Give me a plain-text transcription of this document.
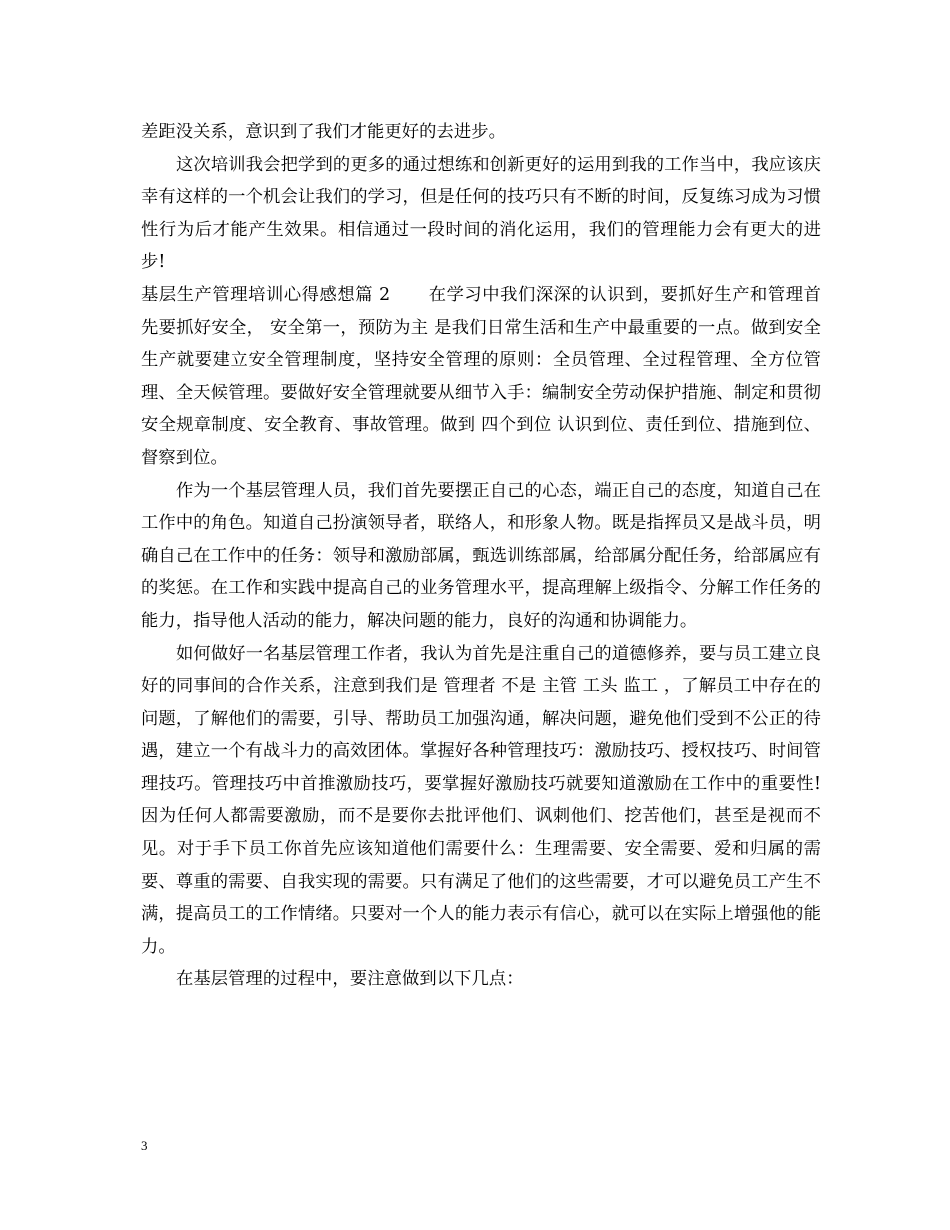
差距没关系，意识到了我们才能更好的去进步。

这次培训我会把学到的更多的通过想练和创新更好的运用到我的工作当中，我应该庆幸有这样的一个机会让我们的学习，但是任何的技巧只有不断的时间，反复练习成为习惯性行为后才能产生效果。相信通过一段时间的消化运用，我们的管理能力会有更大的进步!

基层生产管理培训心得感想篇 2 在学习中我们深深的认识到，要抓好生产和管理首先要抓好安全， 安全第一，预防为主 是我们日常生活和生产中最重要的一点。做到安全生产就要建立安全管理制度，坚持安全管理的原则：全员管理、全过程管理、全方位管理、全天候管理。要做好安全管理就要从细节入手：编制安全劳动保护措施、制定和贯彻安全规章制度、安全教育、事故管理。做到 四个到位 认识到位、责任到位、措施到位、督察到位。

作为一个基层管理人员，我们首先要摆正自己的心态，端正自己的态度，知道自己在工作中的角色。知道自己扮演领导者，联络人，和形象人物。既是指挥员又是战斗员，明确自己在工作中的任务：领导和激励部属，甄选训练部属，给部属分配任务，给部属应有的奖惩。在工作和实践中提高自己的业务管理水平，提高理解上级指令、分解工作任务的能力，指导他人活动的能力，解决问题的能力，良好的沟通和协调能力。

如何做好一名基层管理工作者，我认为首先是注重自己的道德修养，要与员工建立良好的同事间的合作关系，注意到我们是 管理者 不是 主管 工头 监工 ，了解员工中存在的问题，了解他们的需要，引导、帮助员工加强沟通，解决问题，避免他们受到不公正的待遇，建立一个有战斗力的高效团体。掌握好各种管理技巧：激励技巧、授权技巧、时间管理技巧。管理技巧中首推激励技巧，要掌握好激励技巧就要知道激励在工作中的重要性!因为任何人都需要激励，而不是要你去批评他们、讽刺他们、挖苦他们，甚至是视而不见。对于手下员工你首先应该知道他们需要什么：生理需要、安全需要、爱和归属的需要、尊重的需要、自我实现的需要。只有满足了他们的这些需要，才可以避免员工产生不满，提高员工的工作情绪。只要对一个人的能力表示有信心，就可以在实际上增强他的能力。

在基层管理的过程中，要注意做到以下几点：

3
